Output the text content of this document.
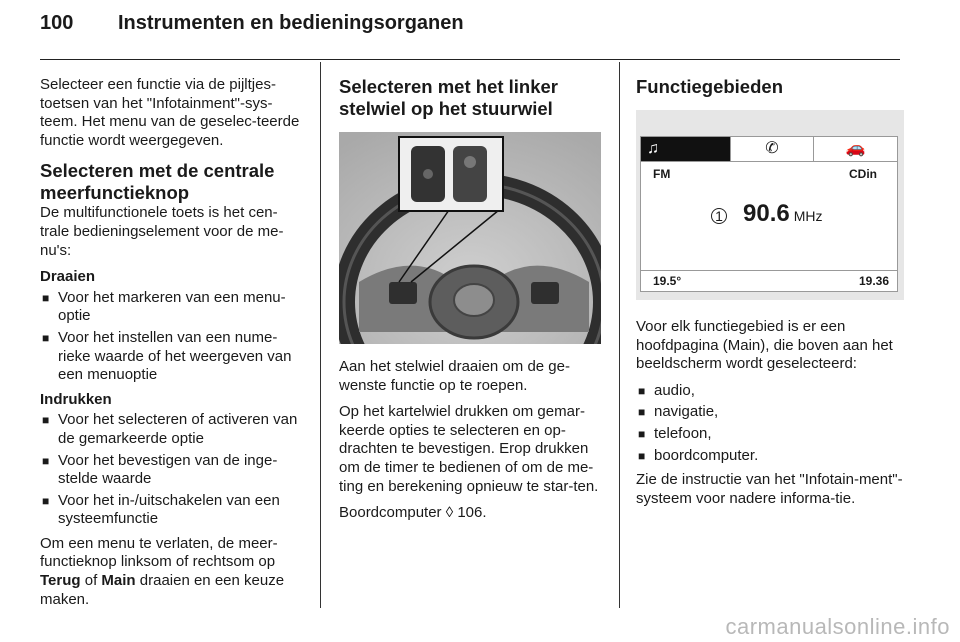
100 Instrumenten en bedieningsorganen

Selecteer een functie via de pijltjes-toetsen van het "Infotainment"-sys-teem. Het menu van de geselec-teerde functie wordt weergegeven.

Selecteren met de centrale meerfunctieknop

De multifunctionele toets is het cen-trale bedieningselement voor de me-nu's:

Draaien
■ Voor het markeren van een menu-optie
■ Voor het instellen van een nume-rieke waarde of het weergeven van een menuoptie
Indrukken
■ Voor het selecteren of activeren van de gemarkeerde optie
■ Voor het bevestigen van de inge-stelde waarde
■ Voor het in-/uitschakelen van een systeemfunctie

Om een menu te verlaten, de meer-functieknop linksom of rechtsom op Terug of Main draaien en een keuze maken.

Selecteren met het linker stelwiel op het stuurwiel

Aan het stelwiel draaien om de ge-wenste functie op te roepen.

Op het kartelwiel drukken om gemar-keerde opties te selecteren en op-drachten te bevestigen. Erop drukken om de timer te bedienen of om de me-ting en berekening opnieuw te star-ten.

Boordcomputer ◊ 106.

Functiegebieden
♫	✆	🚗
FM	CDin
1 90.6 MHz
19.5°	19.36

Voor elk functiegebied is er een hoofdpagina (Main), die boven aan het beeldscherm wordt geselecteerd:

■ audio,
■ navigatie,
■ telefoon,
■ boordcomputer.

Zie de instructie van het "Infotain-ment"-systeem voor nadere informa-tie.

carmanualsonline.info
